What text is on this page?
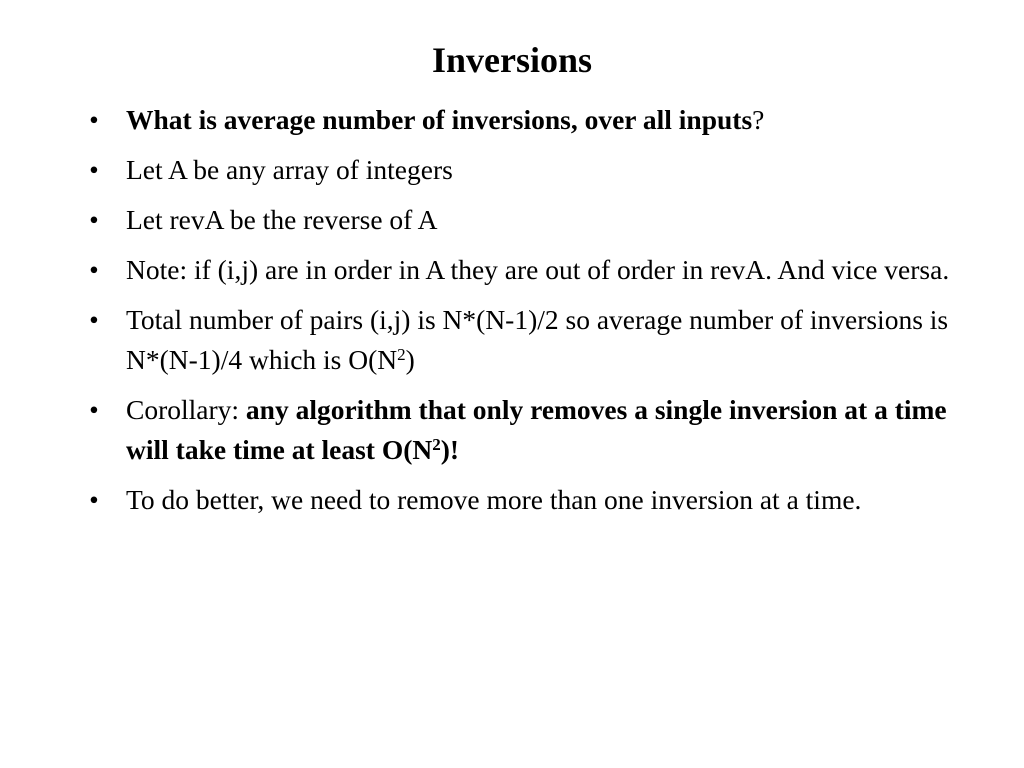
Inversions
• What is average number of inversions, over all inputs?
• Let A be any array of integers
• Let revA be the reverse of A
• Note: if (i,j) are in order in A they are out of order in revA. And vice versa.
• Total number of pairs (i,j) is N*(N-1)/2 so average number of inversions is N*(N-1)/4 which is $O(N^2)$
• Corollary: any algorithm that only removes a single inversion at a time will take time at least $O(N^2)$!
• To do better, we need to remove more than one inversion at a time.
